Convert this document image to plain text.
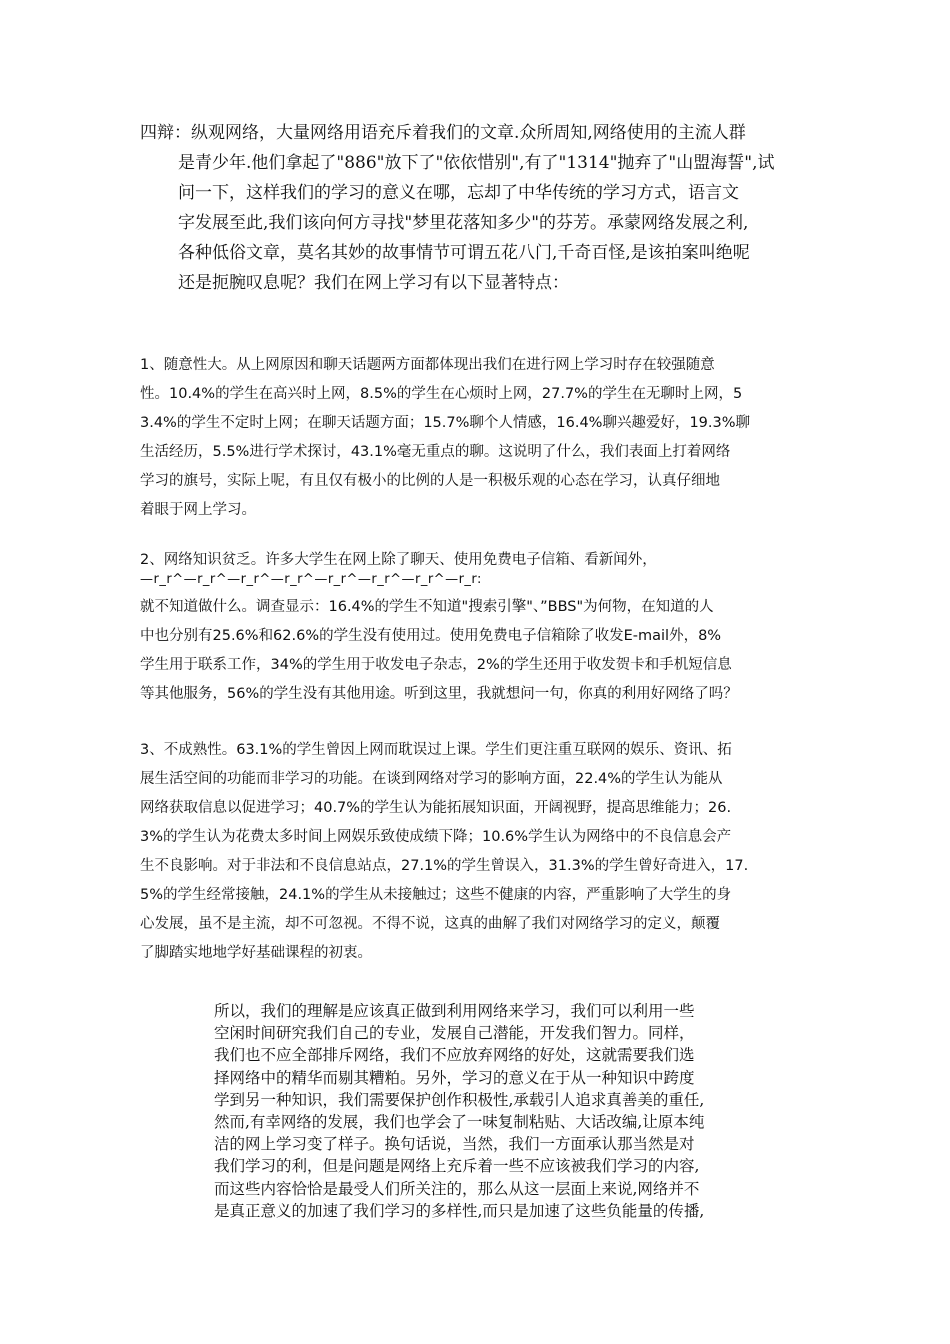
四辩：纵观网络，大量网络用语充斥着我们的文章.众所周知,网络使用的主流人群
是青少年.他们拿起了"886"放下了"依依惜别",有了"1314"抛弃了"山盟海誓",试
问一下，这样我们的学习的意义在哪，忘却了中华传统的学习方式，语言文
字发展至此,我们该向何方寻找"梦里花落知多少"的芬芳。承蒙网络发展之利,
各种低俗文章，莫名其妙的故事情节可谓五花八门,千奇百怪,是该拍案叫绝呢
还是扼腕叹息呢？我们在网上学习有以下显著特点：

1、随意性大。从上网原因和聊天话题两方面都体现出我们在进行网上学习时存在较强随意
性。10.4%的学生在高兴时上网，8.5%的学生在心烦时上网，27.7%的学生在无聊时上网，5
3.4%的学生不定时上网；在聊天话题方面；15.7%聊个人情感，16.4%聊兴趣爱好，19.3%聊
生活经历，5.5%进行学术探讨，43.1%毫无重点的聊。这说明了什么，我们表面上打着网络
学习的旗号，实际上呢，有且仅有极小的比例的人是一积极乐观的心态在学习，认真仔细地
着眼于网上学习。

2、网络知识贫乏。许多大学生在网上除了聊天、使用免费电子信箱、看新闻外，
—r_r^—r_r^—r_r^—r_r^—r_r^—r_r^—r_r^—r_r:
就不知道做什么。调查显示：16.4%的学生不知道"搜索引擎"、”BBS"为何物，在知道的人
中也分别有25.6%和62.6%的学生没有使用过。使用免费电子信箱除了收发E-mail外，8%
学生用于联系工作，34%的学生用于收发电子杂志，2%的学生还用于收发贺卡和手机短信息
等其他服务，56%的学生没有其他用途。听到这里，我就想问一句，你真的利用好网络了吗？

3、不成熟性。63.1%的学生曾因上网而耽误过上课。学生们更注重互联网的娱乐、资讯、拓
展生活空间的功能而非学习的功能。在谈到网络对学习的影响方面，22.4%的学生认为能从
网络获取信息以促进学习；40.7%的学生认为能拓展知识面，开阔视野，提高思维能力；26.
3%的学生认为花费太多时间上网娱乐致使成绩下降；10.6%学生认为网络中的不良信息会产
生不良影响。对于非法和不良信息站点，27.1%的学生曾误入，31.3%的学生曾好奇进入，17.
5%的学生经常接触，24.1%的学生从未接触过；这些不健康的内容，严重影响了大学生的身
心发展，虽不是主流，却不可忽视。不得不说，这真的曲解了我们对网络学习的定义，颠覆
了脚踏实地地学好基础课程的初衷。

所以，我们的理解是应该真正做到利用网络来学习，我们可以利用一些
空闲时间研究我们自己的专业，发展自己潜能，开发我们智力。同样，
我们也不应全部排斥网络，我们不应放弃网络的好处，这就需要我们选
择网络中的精华而剔其糟粕。另外，学习的意义在于从一种知识中跨度
学到另一种知识，我们需要保护创作积极性,承载引人追求真善美的重任,
然而,有幸网络的发展，我们也学会了一味复制粘贴、大话改编,让原本纯
洁的网上学习变了样子。换句话说，当然，我们一方面承认那当然是对
我们学习的利，但是问题是网络上充斥着一些不应该被我们学习的内容,
而这些内容恰恰是最受人们所关注的，那么从这一层面上来说,网络并不
是真正意义的加速了我们学习的多样性,而只是加速了这些负能量的传播,
